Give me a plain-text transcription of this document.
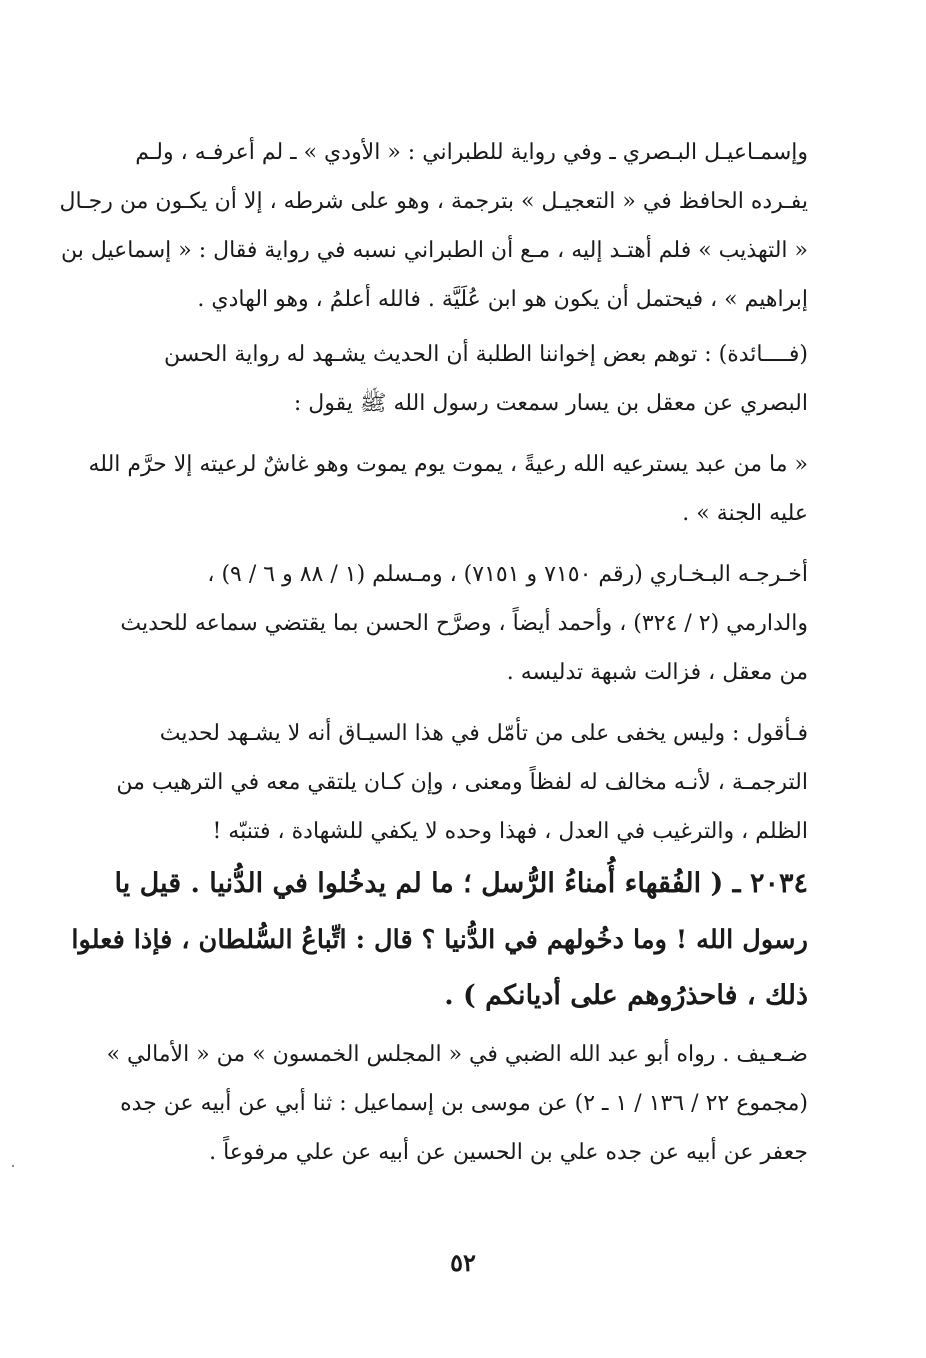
وإسمـاعيـل البـصري ـ وفي رواية للطبراني : « الأودي » ـ لم أعرفـه ، ولـم
يفـرده الحافظ في « التعجيـل » بترجمة ، وهو على شرطه ، إلا أن يكـون من رجـال
« التهذيب » فلم أهتـد إليه ، مـع أن الطبراني نسبه في رواية فقال : « إسماعيل بن
إبراهيم » ، فيحتمل أن يكون هو ابن عُلَيَّة . فالله أعلمُ ، وهو الهادي .

(فــــائدة) : توهم بعض إخواننا الطلبة أن الحديث يشـهد له رواية الحسن
البصري عن معقل بن يسار سمعت رسول الله ﷺ يقول :

« ما من عبد يسترعيه الله رعيةً ، يموت يوم يموت وهو غاشٌ لرعيته إلا حرَّم الله
عليه الجنة » .

أخـرجـه البـخـاري (رقم ٧١٥٠ و ٧١٥١) ، ومـسلم (١ / ٨٨ و ٦ / ٩) ،
والدارمي (٢ / ٣٢٤) ، وأحمد أيضاً ، وصرَّح الحسن بما يقتضي سماعه للحديث
من معقل ، فزالت شبهة تدليسه .

فـأقول : وليس يخفى على من تأمّل في هذا السيـاق أنه لا يشـهد لحديث
الترجمـة ، لأنـه مخالف له لفظاً ومعنى ، وإن كـان يلتقي معه في الترهيب من
الظلم ، والترغيب في العدل ، فهذا وحده لا يكفي للشهادة ، فتنبّه !

٢٠٣٤ ـ ( الفُقهاء أُمناءُ الرُّسل ؛ ما لم يدخُلوا في الدُّنيا . قيل يا
رسول الله ! وما دخُولهم في الدُّنيا ؟ قال : اتِّباعُ السُّلطان ، فإذا فعلوا
ذلك ، فاحذرُوهم على أديانكم ) .

ضـعـيف . رواه أبو عبد الله الضبي في « المجلس الخمسون » من « الأمالي »
(مجموع ٢٢ / ١٣٦ / ١ ـ ٢) عن موسى بن إسماعيل : ثنا أبي عن أبيه عن جده
جعفر عن أبيه عن جده علي بن الحسين عن أبيه عن علي مرفوعاً .

٥٢
